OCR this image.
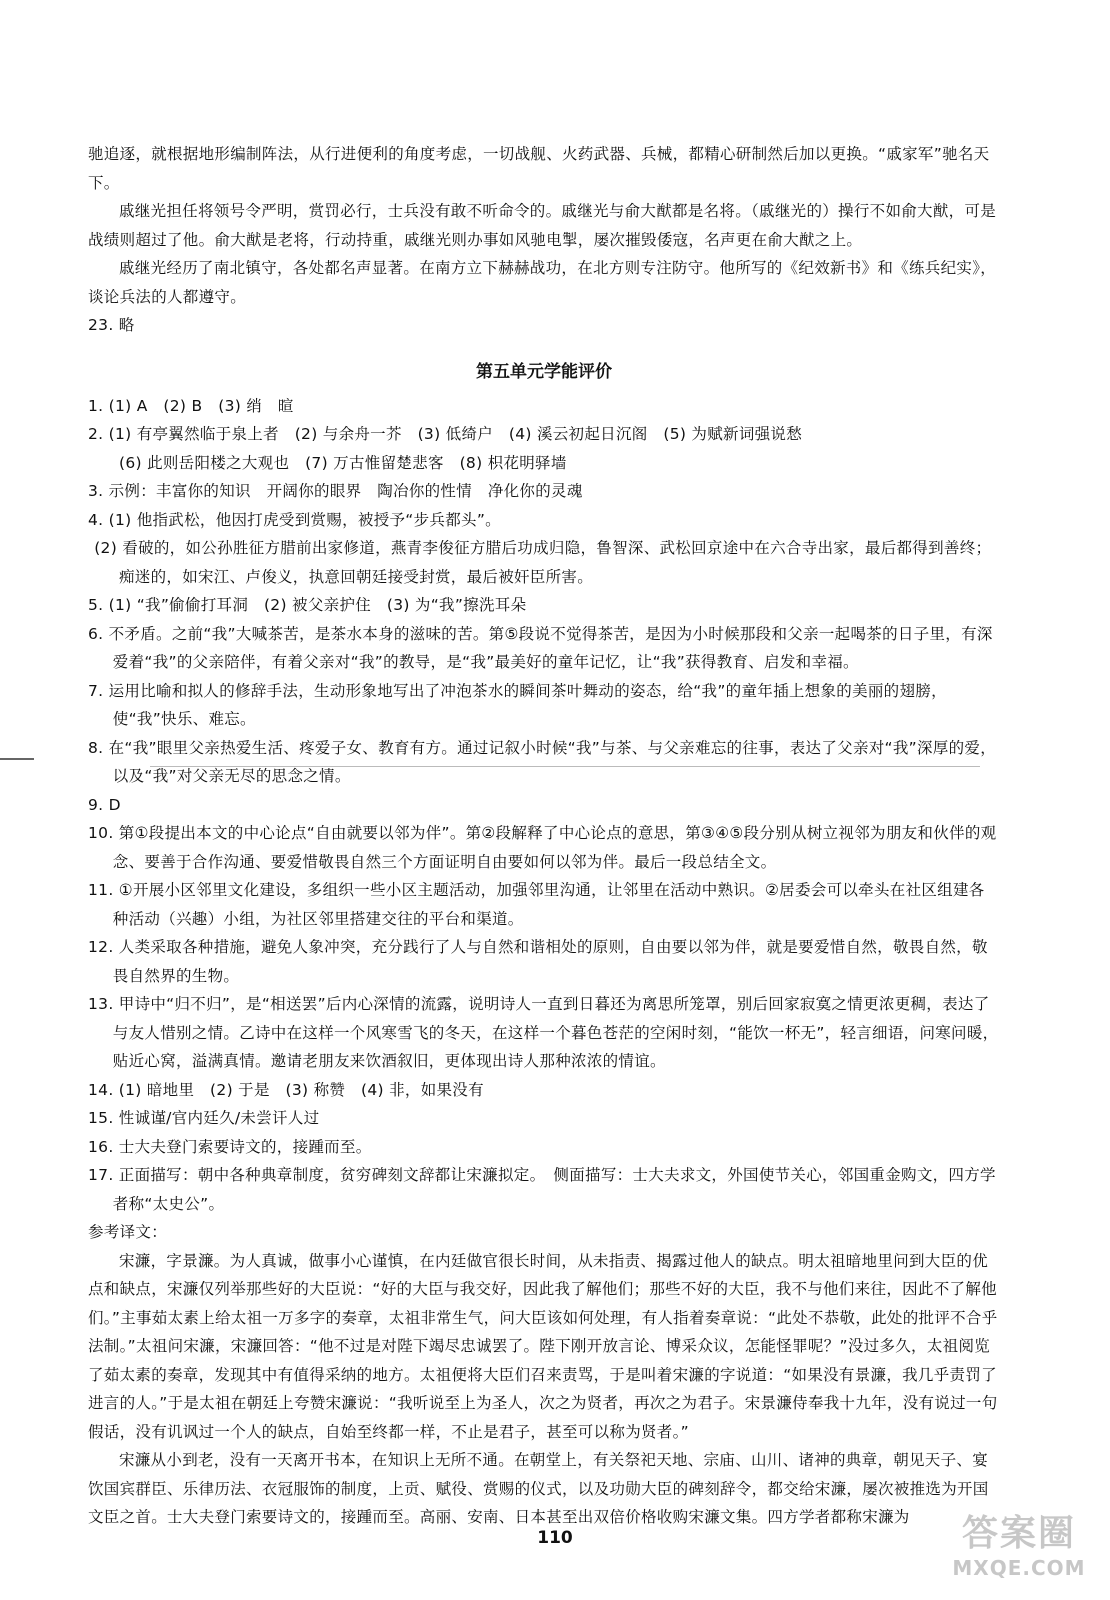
驰追逐，就根据地形编制阵法，从行进便利的角度考虑，一切战舰、火药武器、兵械，都精心研制然后加以更换。“戚家军”驰名天下。

戚继光担任将领号令严明，赏罚必行，士兵没有敢不听命令的。戚继光与俞大猷都是名将。（戚继光的）操行不如俞大猷，可是战绩则超过了他。俞大猷是老将，行动持重，戚继光则办事如风驰电掣，屡次摧毁倭寇，名声更在俞大猷之上。

戚继光经历了南北镇守，各处都名声显著。在南方立下赫赫战功，在北方则专注防守。他所写的《纪效新书》和《练兵纪实》，谈论兵法的人都遵守。

23. 略

第五单元学能评价

1. (1) A　(2) B　(3) 绡　暄

2. (1) 有亭翼然临于泉上者　(2) 与余舟一芥　(3) 低绮户　(4) 溪云初起日沉阁　(5) 为赋新词强说愁

(6) 此则岳阳楼之大观也　(7) 万古惟留楚悲客　(8) 枳花明驿墙

3. 示例：丰富你的知识　开阔你的眼界　陶冶你的性情　净化你的灵魂

4. (1) 他指武松，他因打虎受到赏赐，被授予“步兵都头”。

(2) 看破的，如公孙胜征方腊前出家修道，燕青李俊征方腊后功成归隐，鲁智深、武松回京途中在六合寺出家，最后都得到善终；痴迷的，如宋江、卢俊义，执意回朝廷接受封赏，最后被奸臣所害。

5. (1) “我”偷偷打耳洞　(2) 被父亲护住　(3) 为“我”擦洗耳朵

6. 不矛盾。之前“我”大喊茶苦，是茶水本身的滋味的苦。第⑤段说不觉得茶苦，是因为小时候那段和父亲一起喝茶的日子里，有深爱着“我”的父亲陪伴，有着父亲对“我”的教导，是“我”最美好的童年记忆，让“我”获得教育、启发和幸福。

7. 运用比喻和拟人的修辞手法，生动形象地写出了冲泡茶水的瞬间茶叶舞动的姿态，给“我”的童年插上想象的美丽的翅膀，使“我”快乐、难忘。

8. 在“我”眼里父亲热爱生活、疼爱子女、教育有方。通过记叙小时候“我”与茶、与父亲难忘的往事，表达了父亲对“我”深厚的爱，以及“我”对父亲无尽的思念之情。

9. D

10. 第①段提出本文的中心论点“自由就要以邻为伴”。第②段解释了中心论点的意思，第③④⑤段分别从树立视邻为朋友和伙伴的观念、要善于合作沟通、要爱惜敬畏自然三个方面证明自由要如何以邻为伴。最后一段总结全文。

11. ①开展小区邻里文化建设，多组织一些小区主题活动，加强邻里沟通，让邻里在活动中熟识。②居委会可以牵头在社区组建各种活动（兴趣）小组，为社区邻里搭建交往的平台和渠道。

12. 人类采取各种措施，避免人象冲突，充分践行了人与自然和谐相处的原则，自由要以邻为伴，就是要爱惜自然，敬畏自然，敬畏自然界的生物。

13. 甲诗中“归不归”，是“相送罢”后内心深情的流露，说明诗人一直到日暮还为离思所笼罩，别后回家寂寞之情更浓更稠，表达了与友人惜别之情。乙诗中在这样一个风寒雪飞的冬天，在这样一个暮色苍茫的空闲时刻，“能饮一杯无”，轻言细语，问寒问暖，贴近心窝，溢满真情。邀请老朋友来饮酒叙旧，更体现出诗人那种浓浓的情谊。

14. (1) 暗地里　(2) 于是　(3) 称赞　(4) 非，如果没有

15. 性诚谨/官内廷久/未尝讦人过

16. 士大夫登门索要诗文的，接踵而至。

17. 正面描写：朝中各种典章制度，贫穷碑刻文辞都让宋濂拟定。　侧面描写：士大夫求文，外国使节关心，邻国重金购文，四方学者称“太史公”。

参考译文：

宋濂，字景濂。为人真诚，做事小心谨慎，在内廷做官很长时间，从未指责、揭露过他人的缺点。明太祖暗地里问到大臣的优点和缺点，宋濂仅列举那些好的大臣说：“好的大臣与我交好，因此我了解他们；那些不好的大臣，我不与他们来往，因此不了解他们。”主事茹太素上给太祖一万多字的奏章，太祖非常生气，问大臣该如何处理，有人指着奏章说：“此处不恭敬，此处的批评不合乎法制。”太祖问宋濂，宋濂回答：“他不过是对陛下竭尽忠诚罢了。陛下刚开放言论、博采众议，怎能怪罪呢？”没过多久，太祖阅览了茹太素的奏章，发现其中有值得采纳的地方。太祖便将大臣们召来责骂，于是叫着宋濂的字说道：“如果没有景濂，我几乎责罚了进言的人。”于是太祖在朝廷上夸赞宋濂说：“我听说至上为圣人，次之为贤者，再次之为君子。宋景濂侍奉我十九年，没有说过一句假话，没有讥讽过一个人的缺点，自始至终都一样，不止是君子，甚至可以称为贤者。”

宋濂从小到老，没有一天离开书本，在知识上无所不通。在朝堂上，有关祭祀天地、宗庙、山川、诸神的典章，朝见天子、宴饮国宾群臣、乐律历法、衣冠服饰的制度，上贡、赋役、赏赐的仪式，以及功勋大臣的碑刻辞令，都交给宋濂，屡次被推选为开国文臣之首。士大夫登门索要诗文的，接踵而至。高丽、安南、日本甚至出双倍价格收购宋濂文集。四方学者都称宋濂为

110	答案圈
MXQE.COM
